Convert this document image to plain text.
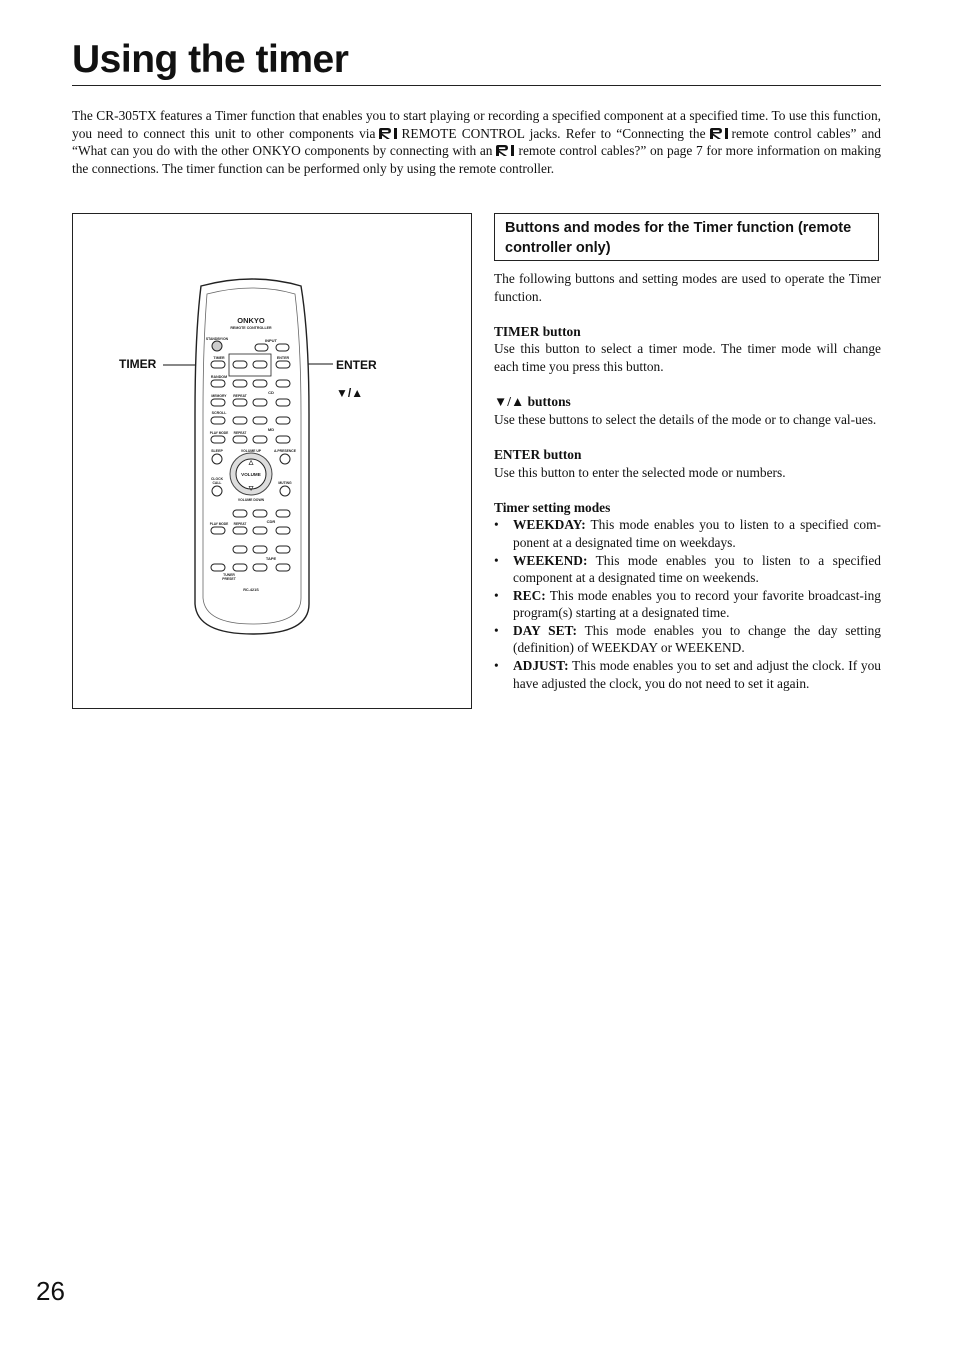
Using the timer

The CR-305TX features a Timer function that enables you to start playing or recording a specified component at a specified time. To use this function, you need to connect this unit to other components via REMOTE CONTROL jacks. Refer to “Connecting the remote control cables” and “What can you do with the other ONKYO components by connecting with an remote control cables?” on page 7 for more information on making the connections. The timer function can be performed only by using the remote controller.

ONKYO
REMOTE CONTROLLER
STANDBY/ON	INPUT
TIMER	ENTER
RANDOM
MEMORY REPEAT
CD
SCROLL
MD
PLAY MODE REPEAT
SLEEP	A.PRESENCE
VOLUME UP
△
VOLUME
▽
VOLUME DOWN
CLOCK
CALL	MUTING
PLAY MODE REPEAT	CDR
TAPE
TUNER
PRESET
RC-421S
TIMER	ENTER
▼/▲
Buttons and modes for the Timer function (remote controller only)

The following buttons and setting modes are used to operate the Timer function.

TIMER button
Use this button to select a timer mode. The timer mode will change each time you press this button.

▼/▲ buttons
Use these buttons to select the details of the mode or to change val-ues.

ENTER button
Use this button to enter the selected mode or numbers.

Timer setting modes
• WEEKDAY: This mode enables you to listen to a specified com-ponent at a designated time on weekdays.
• WEEKEND: This mode enables you to listen to a specified component at a designated time on weekends.
• REC: This mode enables you to record your favorite broadcast-ing program(s) starting at a designated time.
• DAY SET: This mode enables you to change the day setting (definition) of WEEKDAY or WEEKEND.
• ADJUST: This mode enables you to set and adjust the clock. If you have adjusted the clock, you do not need to set it again.
26
